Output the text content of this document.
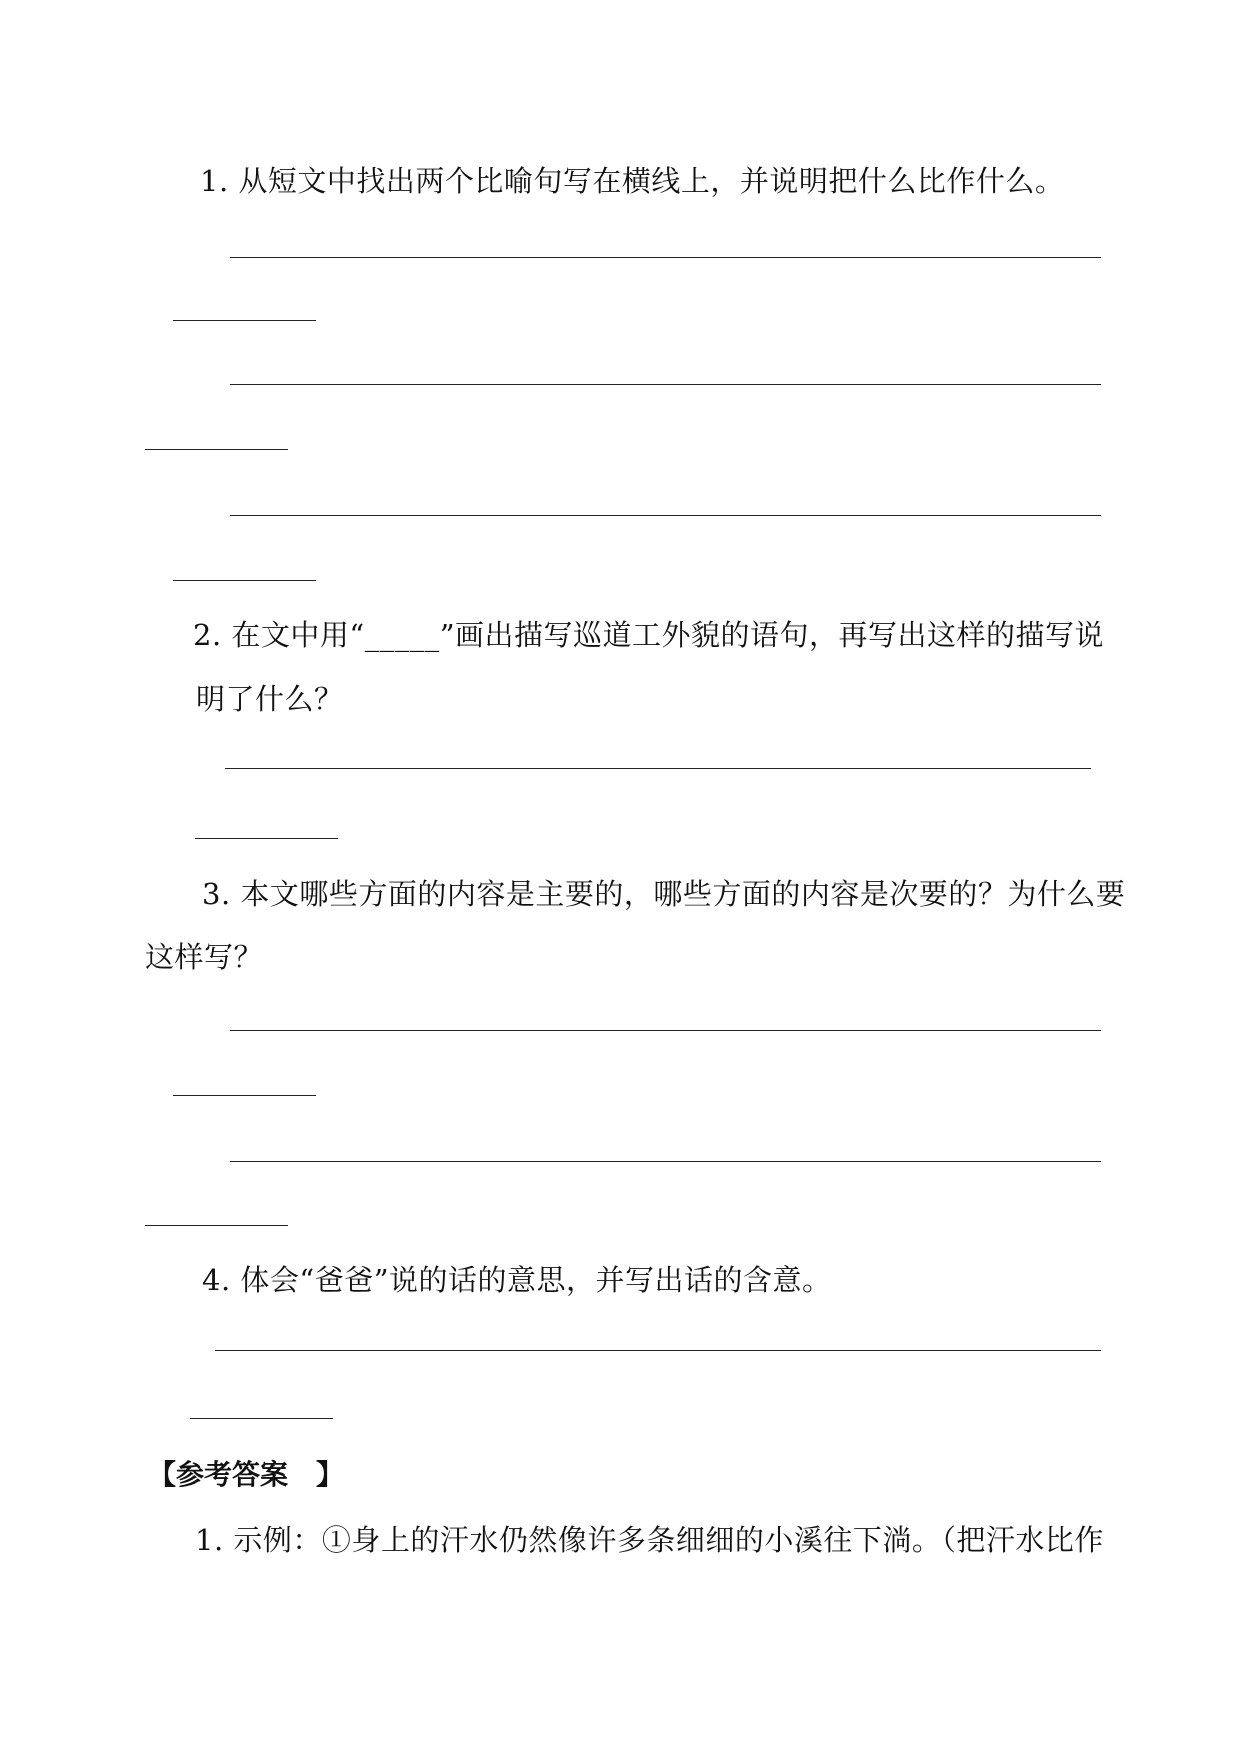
1. 从短文中找出两个比喻句写在横线上，并说明把什么比作什么。
2. 在文中用“_____”画出描写巡道工外貌的语句，再写出这样的描写说
明了什么？
3. 本文哪些方面的内容是主要的，哪些方面的内容是次要的？为什么要
这样写？
4. 体会“爸爸”说的话的意思，并写出话的含意。
【参考答案　】
1. 示例：①身上的汗水仍然像许多条细细的小溪往下淌。（把汗水比作
